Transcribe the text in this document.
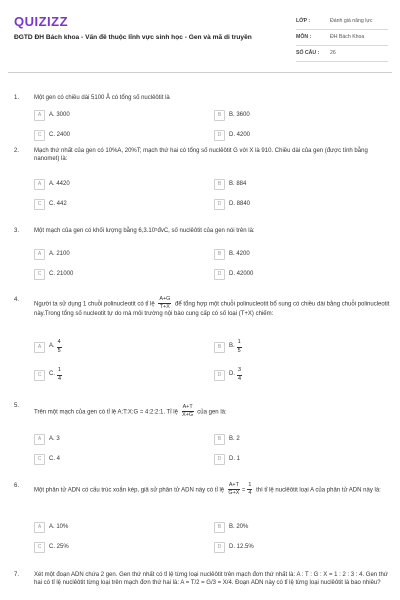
QUIZIZZ
ĐGTD ĐH Bách khoa - Vấn đề thuộc lĩnh vực sinh học - Gen và mã di truyền
LỚP :	Đánh giá năng lực
MÔN :	ĐH Bách Khoa
SỐ CÂU :	26
1. Một gen có chiều dài 5100 Å có tổng số nuclêôtit là
A	A. 3000	B	B. 3600
C	C. 2400	D	D. 4200
2. Mạch thứ nhất của gen có 10%A, 20%T; mạch thứ hai có tổng số nuclêôtit G với X là 910. Chiều dài của gen (được tính bằng nanomet) là:
A	A. 4420	B	B. 884
C	C. 442	D	D. 8840
3. Một mạch của gen có khối lượng bằng 6,3.10⁵đvC, số nuclêôtit của gen nói trên là:
A	A. 2100	B	B. 4200
C	C. 21000	D	D. 42000
4.
Người ta sử dụng 1 chuỗi polinucleotit có tỉ lệ $\frac{A+G}{T+X}$ để tổng hợp một chuỗi polinucleotit bổ sung có chiều dài bằng chuỗi polinucleotit này.Trong tổng số nucleotit tự do mà môi trường nội bào cung cấp có số loại (T+X) chiếm:
A	A. $\frac{4}{5}$	B	B. $\frac{1}{5}$
C	C. $\frac{1}{4}$	D	D. $\frac{3}{4}$
5.
Trên một mạch của gen có tỉ lệ A:T:X:G = 4:2:2:1. Tỉ lệ $\frac{A+T}{X+G}$ của gen là:
A	A. 3	B	B. 2
C	C. 4	D	D. 1
6.
Một phân tử ADN có cấu trúc xoắn kép, giả sử phân tử ADN này có tỉ lệ $\frac{A+T}{G+X} = \frac{1}{4}$ thì tỉ lệ nuclêôtit loại A của phân tử ADN này là:
A	A. 10%	B	B. 20%
C	C. 25%	D	D. 12.5%
7. Xét một đoạn ADN chứa 2 gen. Gen thứ nhất có tỉ lệ từng loại nuclêôtit trên mạch đơn thứ nhất là: A : T : G : X = 1 : 2 : 3 : 4. Gen thứ hai có tỉ lệ nuclêôtit từng loại trên mạch đơn thứ hai là: A = T/2 = G/3 = X/4. Đoạn ADN này có tỉ lệ từng loại nuclêôtit là bao nhiêu?
